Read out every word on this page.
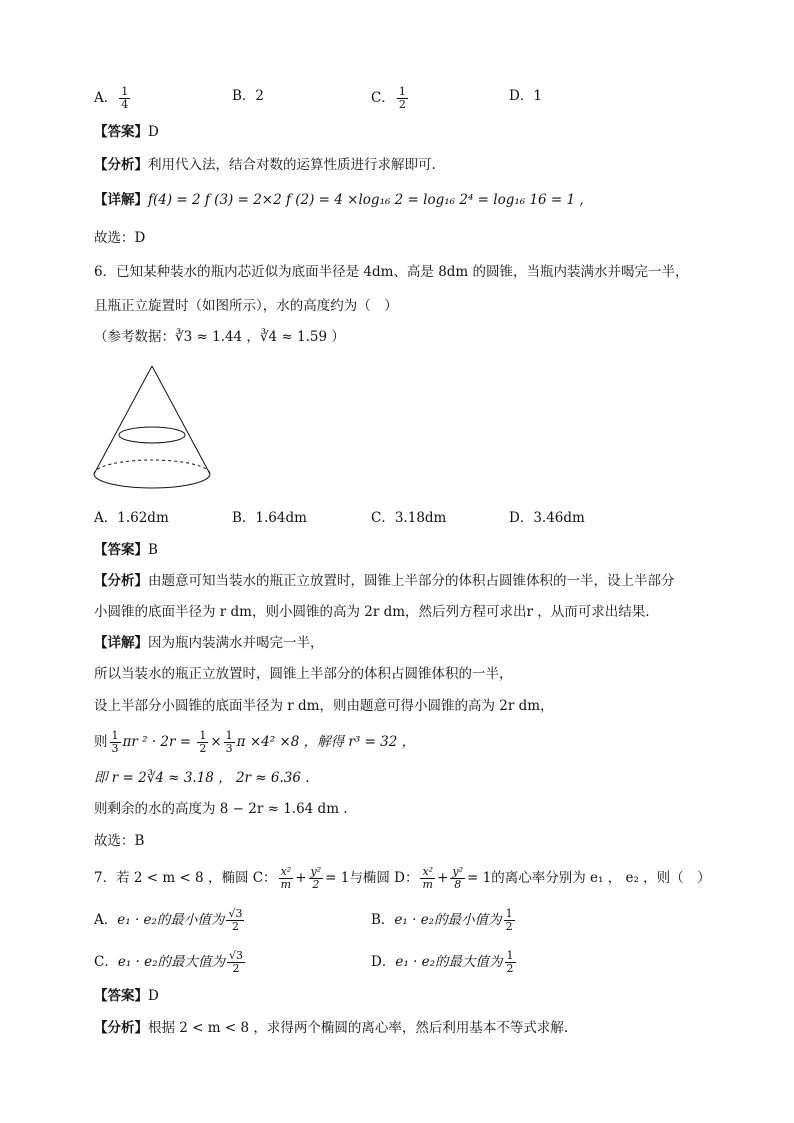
A． $\frac{1}{4}$	B．2	C． $\frac{1}{2}$	D．1
【答案】D
【分析】利用代入法，结合对数的运算性质进行求解即可.
【详解】f(4) = 2 f (3) = 2×2 f (2) = 4 ×log₁₆ 2 = log₁₆ 2⁴ = log₁₆ 16 = 1 ,
故选：D
6．已知某种装水的瓶内芯近似为底面半径是 4dm、高是 8dm 的圆锥，当瓶内装满水并喝完一半，
且瓶正立旋置时（如图所示），水的高度约为（　）
（参考数据：∛3 ≈ 1.44 ，∛4 ≈ 1.59 ）
A．1.62dm	B．1.64dm	C．3.18dm	D．3.46dm
【答案】B
【分析】由题意可知当装水的瓶正立放置时，圆锥上半部分的体积占圆锥体积的一半，设上半部分
小圆锥的底面半径为 r dm，则小圆锥的高为 2r dm，然后列方程可求出r ，从而可求出结果.
【详解】因为瓶内装满水并喝完一半，
所以当装水的瓶正立放置时，圆锥上半部分的体积占圆锥体积的一半，
设上半部分小圆锥的底面半径为 r dm，则由题意可得小圆锥的高为 2r dm，
则 $\frac{1}{3}$ πr $^2 \cdot 2r = \frac{1}{2} \times \frac{1}{3}$ π ×4² ×8 ，解得 r³ = 32 ，
即 r = 2∛4 ≈ 3.18 ， 2r ≈ 6.36 .
则剩余的水的高度为 8 − 2r ≈ 1.64 dm .
故选：B
7．若 2 < m < 8 ，椭圆 C： $\frac{\text{x²}}{m} + \frac{\text{y²}}{2} = 1$与椭圆 D： $\frac{\text{x²}}{m} + \frac{\text{y²}}{8} = 1$的离心率分别为 e₁ ， e₂ ，则（　）
A．e₁ · e₂的最小值为 $\frac{√3}{2}$	B．e₁ · e₂的最小值为 $\frac{1}{2}$
C．e₁ · e₂的最大值为 $\frac{√3}{2}$	D．e₁ · e₂的最大值为 $\frac{1}{2}$
【答案】D
【分析】根据 2 < m < 8 ，求得两个椭圆的离心率，然后利用基本不等式求解.
